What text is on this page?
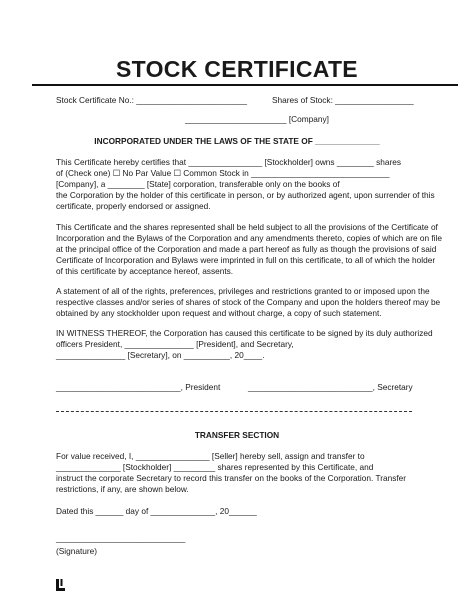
STOCK CERTIFICATE
Stock Certificate No.: ________________________	Shares of Stock: _________________
______________________ [Company]
INCORPORATED UNDER THE LAWS OF THE STATE OF ______________
This Certificate hereby certifies that ________________ [Stockholder] owns ________ shares
of (Check one) ☐ No Par Value ☐ Common Stock in ______________________________
[Company], a ________ [State] corporation, transferable only on the books of
the Corporation by the holder of this certificate in person, or by authorized agent, upon surrender of this
certificate, properly endorsed or assigned.
This Certificate and the shares represented shall be held subject to all the provisions of the Certificate of
Incorporation and the Bylaws of the Corporation and any amendments thereto, copies of which are on file
at the principal office of the Corporation and made a part hereof as fully as though the provisions of said
Certificate of Incorporation and Bylaws were imprinted in full on this certificate, to all of which the holder
of this certificate by acceptance hereof, assents.
A statement of all of the rights, preferences, privileges and restrictions granted to or imposed upon the
respective classes and/or series of shares of stock of the Company and upon the holders thereof may be
obtained by any stockholder upon request and without charge, a copy of such statement.
IN WITNESS THEREOF, the Corporation has caused this certificate to be signed by its duly authorized
officers President, _______________ [President], and Secretary,
_______________ [Secretary], on __________, 20____.
___________________________, President	___________________________, Secretary
TRANSFER SECTION
For value received, I, ________________ [Seller] hereby sell, assign and transfer to
______________ [Stockholder] _________ shares represented by this Certificate, and
instruct the corporate Secretary to record this transfer on the books of the Corporation. Transfer
restrictions, if any, are shown below.
Dated this ______ day of ______________, 20______
____________________________
(Signature)
